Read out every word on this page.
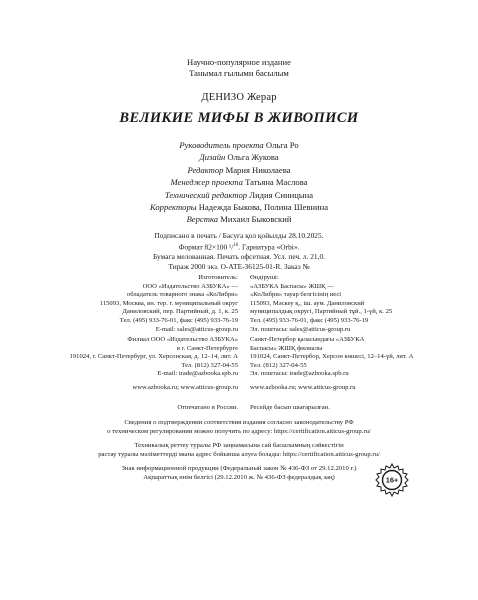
Научно-популярное издание
Танымал ғылыми басылым
ДЕНИЗО Жерар
ВЕЛИКИЕ МИФЫ В ЖИВОПИСИ
Руководитель проекта Ольга Ро
Дизайн Ольга Жукова
Редактор Мария Николаева
Менеджер проекта Татьяна Маслова
Технический редактор Лидия Синицына
Корректоры Надежда Быкова, Полина Шевнина
Верстка Михаил Быковский
Подписано в печать / Басуға қол қойылды 28.10.2025.
Формат 82×100 ¹/$^{16}$. Гарнитура «Orbi».
Бумага мелованная. Печать офсетная. Усл. печ. л. 21,0.
Тираж 2000 экз. О-АТЕ-36125-01-R. Заказ №
Изготовитель:
ООО «Издательство АЗБУКА» —
обладатель товарного знака «КоЛибри»
115093, Москва, вн. тер. г. муниципальный округ
Даниловский, пер. Партийный, д. 1, к. 25
Тел. (495) 933-76-01, факс (495) 933-76-19
E-mail: sales@atticus-group.ru
Өндіруші:
«АЗБУКА Баспасы» ЖШҚ —
«КоЛибри» тауар белгісінің иесі
115093, Мәскеу қ., іш. аум. Даниловский
муниципалдық округі, Партийный тұй., 1-үй, к. 25
Тел. (495) 933-76-01, факс (495) 933-76-19
Эл. поштасы: sales@atticus-group.ru
Филиал ООО «Издательство АЗБУКА»
в г. Санкт-Петербурге
191024, г. Санкт-Петербург, ул. Херсонская, д. 12–14, лит. А
Тел. (812) 327-04-55
E-mail: trade@azbooka.spb.ru
Санкт-Петербор қаласындағы «АЗБУКА
Баспасы» ЖШҚ филиалы
191024, Санкт-Петербор, Херсон көшесі, 12–14-үй, лит. А
Тел. (812) 327-04-55
Эл. поштасы: trade@azbooka.spb.ru
www.azbooka.ru; www.atticus-group.ru www.azbooka.ru; www.atticus-group.ru
Отпечатано в России. Ресейде басып шығарылған.
Сведения о подтверждении соответствия издания согласно законодательству РФ
о техническом регулировании можно получить по адресу: https://certification.atticus-group.ru/
Техникалық реттеу туралы РФ заңнамасына сай басылымның сәйкестігін
растау туралы мәліметтерді мына адрес бойынша алуға болады: https://certification.atticus-group.ru/
Знак информационной продукции (Федеральный закон № 436-ФЗ от 29.12.2010 г.)
Ақпараттық өнім белгісі (29.12.2010 ж. № 436-ФЗ федералдық заң)	16+
